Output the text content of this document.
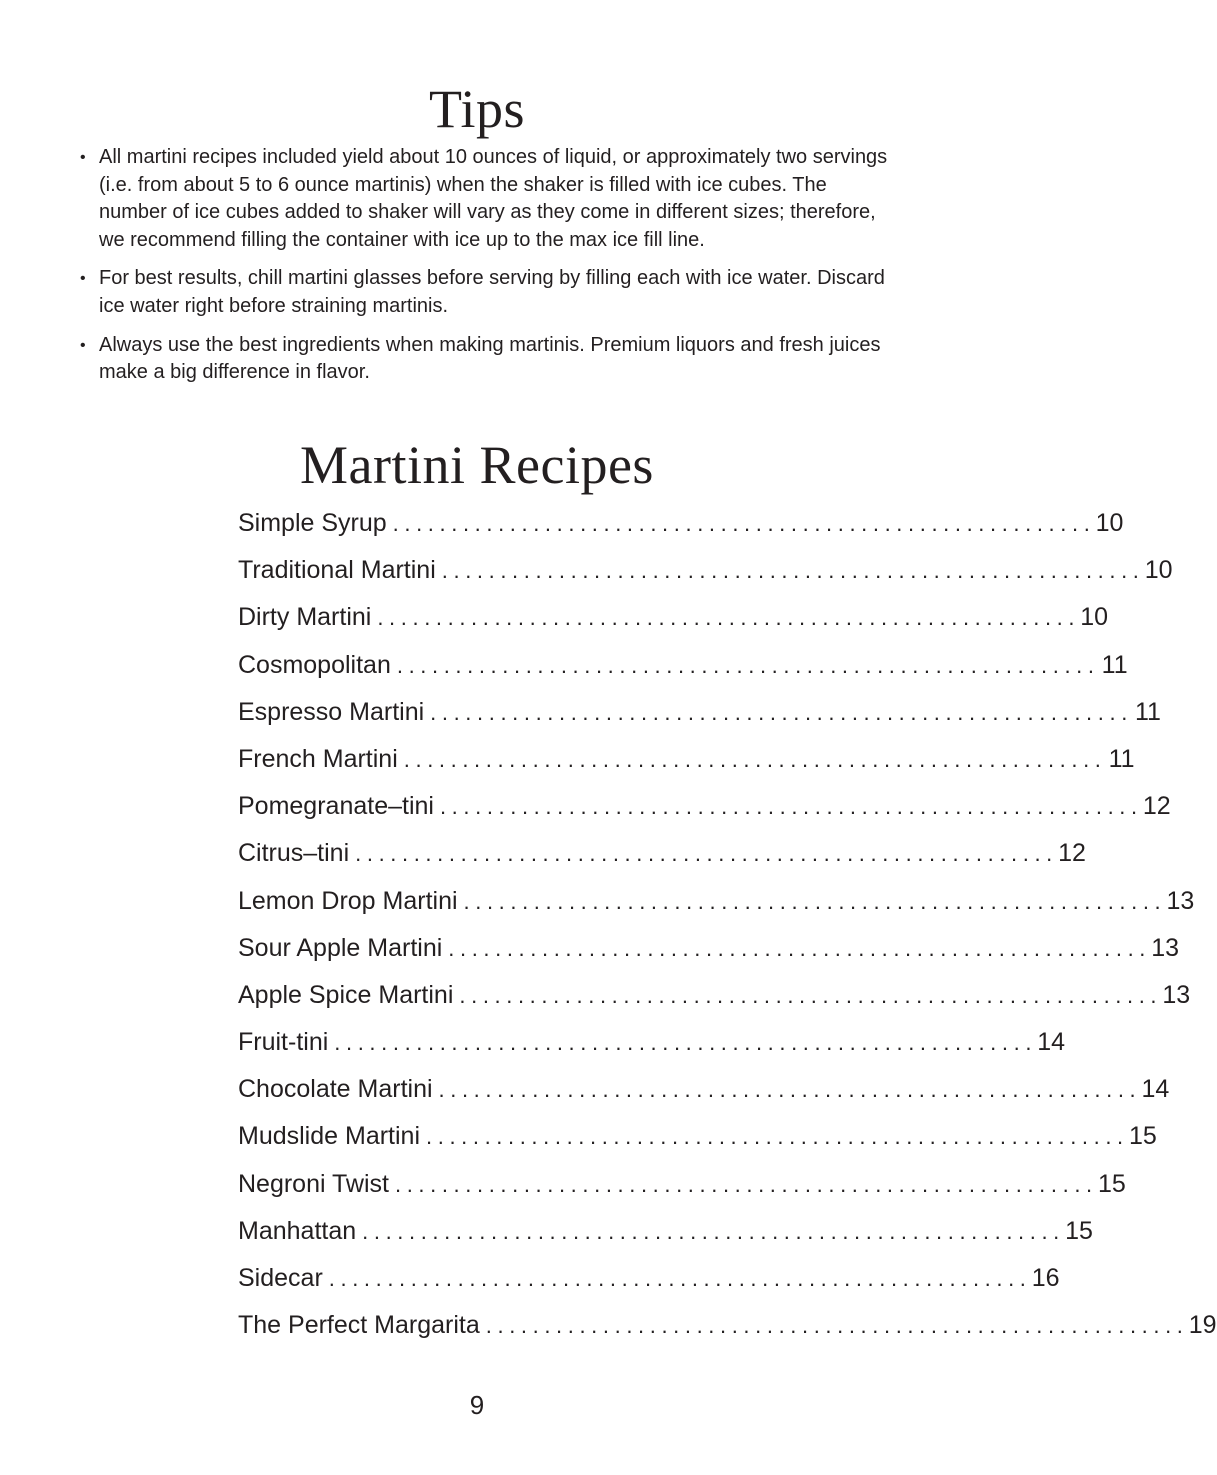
Tips
• All martini recipes included yield about 10 ounces of liquid, or approximately two servings (i.e. from about 5 to 6 ounce martinis) when the shaker is filled with ice cubes. The number of ice cubes added to shaker will vary as they come in different sizes; therefore, we recommend filling the container with ice up to the max ice fill line.
• For best results, chill martini glasses before serving by filling each with ice water. Discard ice water right before straining martinis.
• Always use the best ingredients when making martinis. Premium liquors and fresh juices make a big difference in flavor.
Martini Recipes
Simple Syrup ............................................................ 10
Traditional Martini ............................................................ 10
Dirty Martini ............................................................ 10
Cosmopolitan ............................................................ 11
Espresso Martini ............................................................ 11
French Martini ............................................................ 11
Pomegranate–tini ............................................................ 12
Citrus–tini ............................................................ 12
Lemon Drop Martini ............................................................ 13
Sour Apple Martini ............................................................ 13
Apple Spice Martini ............................................................ 13
Fruit-tini ............................................................ 14
Chocolate Martini ............................................................ 14
Mudslide Martini ............................................................ 15
Negroni Twist ............................................................ 15
Manhattan ............................................................ 15
Sidecar ............................................................ 16
The Perfect Margarita ............................................................ 19
9
